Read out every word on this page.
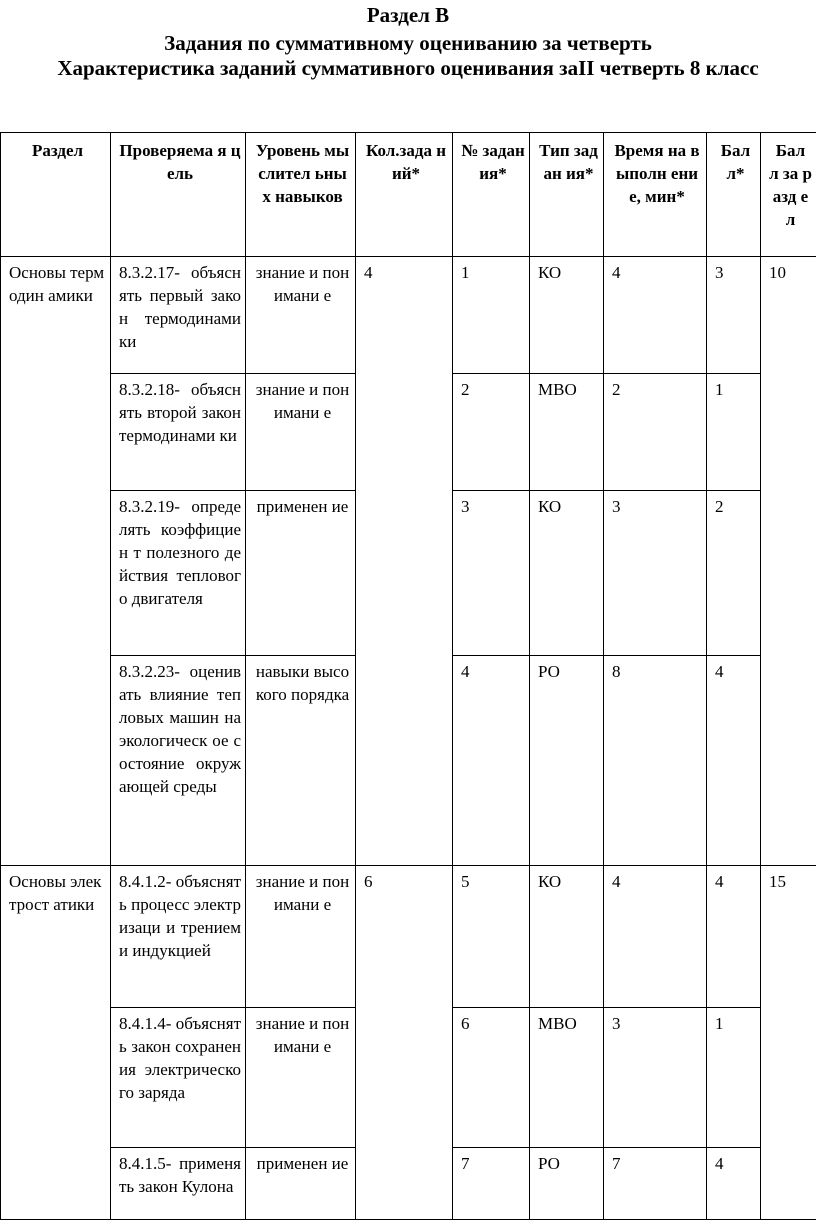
Раздел В
Задания по суммативному оцениванию за четверть
Характеристика заданий суммативного оценивания заII четверть 8 класс
Раздел	Проверяема я цель	Уровень мыслител ьных навыков	Кол.зада ний*	№ задан ия*	Тип задан ия*	Время на выполн ение, мин*	Бал л*	Бал л за разд ел
Основы термодин амики	8.3.2.17- объяснять первый закон термодинами ки	знание и понимани е	4	1	КО	4	3	10
	8.3.2.18- объяснять второй закон термодинами ки	знание и понимани е		2	МВО	2	1	
	8.3.2.19- определять коэффициен т полезного действия теплового двигателя	применен ие		3	КО	3	2	
	8.3.2.23- оценивать влияние тепловых машин на экологическ ое состояние окружающей среды	навыки высокого порядка		4	РО	8	4	
Основы электрост атики	8.4.1.2- объяснять процесс электризаци и трением и индукцией	знание и понимани е	6	5	КО	4	4	15
	8.4.1.4- объяснять закон сохранения электрическо го заряда	знание и понимани е		6	МВО	3	1	
	8.4.1.5- применять закон Кулона	применен ие		7	РО	7	4	
